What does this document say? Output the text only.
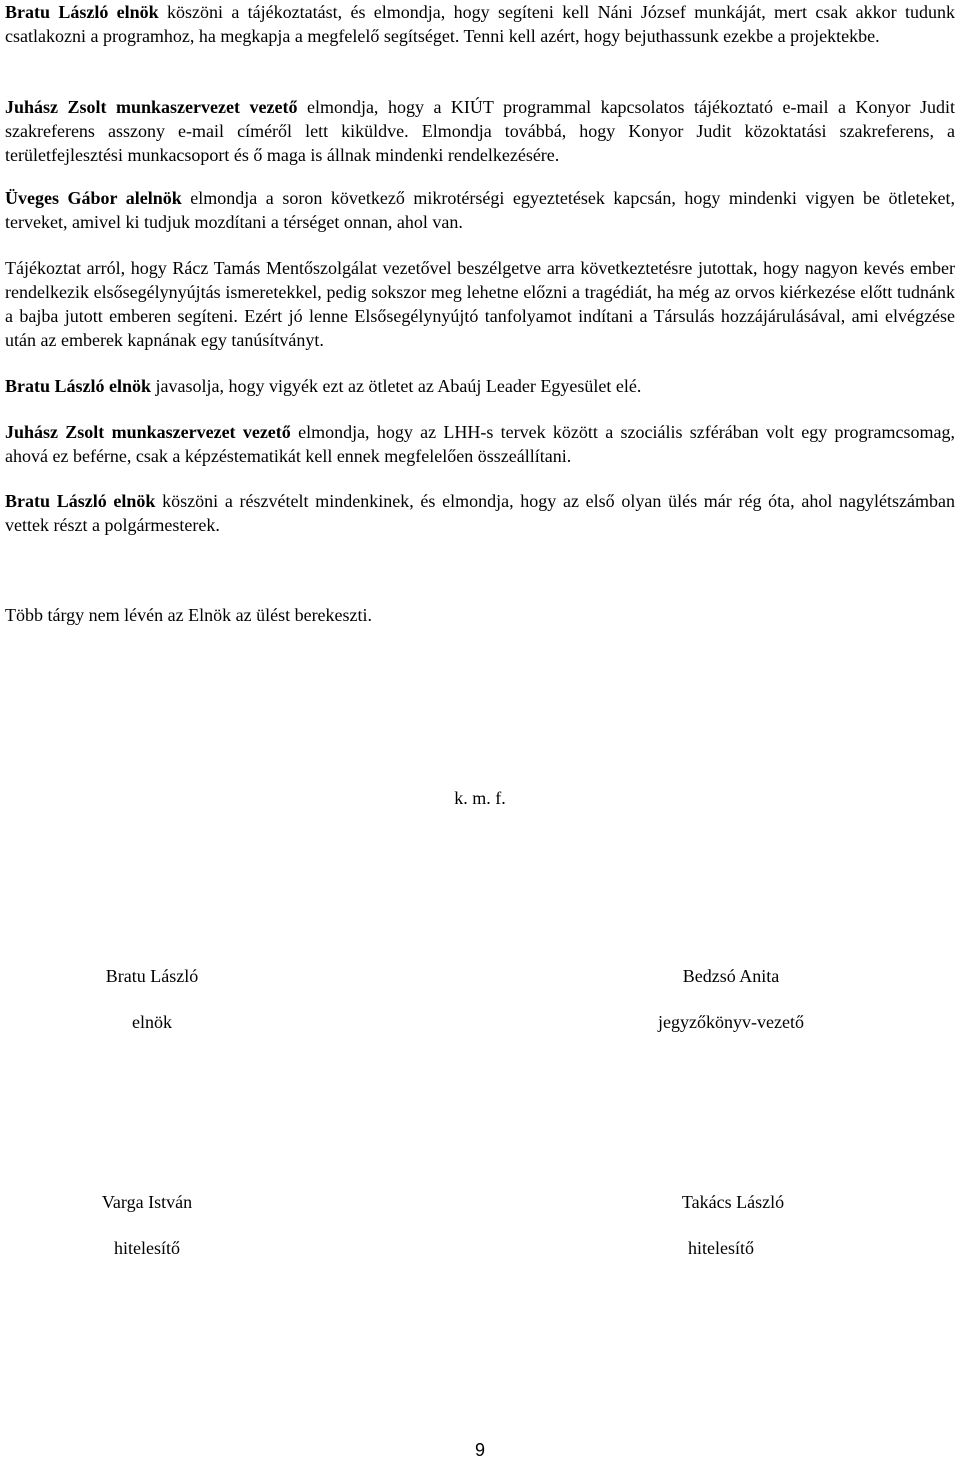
Bratu László elnök köszöni a tájékoztatást, és elmondja, hogy segíteni kell Náni József munkáját, mert csak akkor tudunk csatlakozni a programhoz, ha megkapja a megfelelő segítséget. Tenni kell azért, hogy bejuthassunk ezekbe a projektekbe.

Juhász Zsolt munkaszervezet vezető elmondja, hogy a KIÚT programmal kapcsolatos tájékoztató e-mail a Konyor Judit szakreferens asszony e-mail címéről lett kiküldve. Elmondja továbbá, hogy Konyor Judit közoktatási szakreferens, a területfejlesztési munkacsoport és ő maga is állnak mindenki rendelkezésére.

Üveges Gábor alelnök elmondja a soron következő mikrotérségi egyeztetések kapcsán, hogy mindenki vigyen be ötleteket, terveket, amivel ki tudjuk mozdítani a térséget onnan, ahol van.

Tájékoztat arról, hogy Rácz Tamás Mentőszolgálat vezetővel beszélgetve arra következtetésre jutottak, hogy nagyon kevés ember rendelkezik elsősegélynyújtás ismeretekkel, pedig sokszor meg lehetne előzni a tragédiát, ha még az orvos kiérkezése előtt tudnánk a bajba jutott emberen segíteni. Ezért jó lenne Elsősegélynyújtó tanfolyamot indítani a Társulás hozzájárulásával, ami elvégzése után az emberek kapnának egy tanúsítványt.

Bratu László elnök javasolja, hogy vigyék ezt az ötletet az Abaúj Leader Egyesület elé.

Juhász Zsolt munkaszervezet vezető elmondja, hogy az LHH-s tervek között a szociális szférában volt egy programcsomag, ahová ez beférne, csak a képzéstematikát kell ennek megfelelően összeállítani.

Bratu László elnök köszöni a részvételt mindenkinek, és elmondja, hogy az első olyan ülés már rég óta, ahol nagylétszámban vettek részt a polgármesterek.

Több tárgy nem lévén az Elnök az ülést berekeszti.

k. m. f.

Bratu László

elnök

Bedzsó Anita

jegyzőkönyv-vezető

Varga István

hitelesítő

Takács László

hitelesítő

9
